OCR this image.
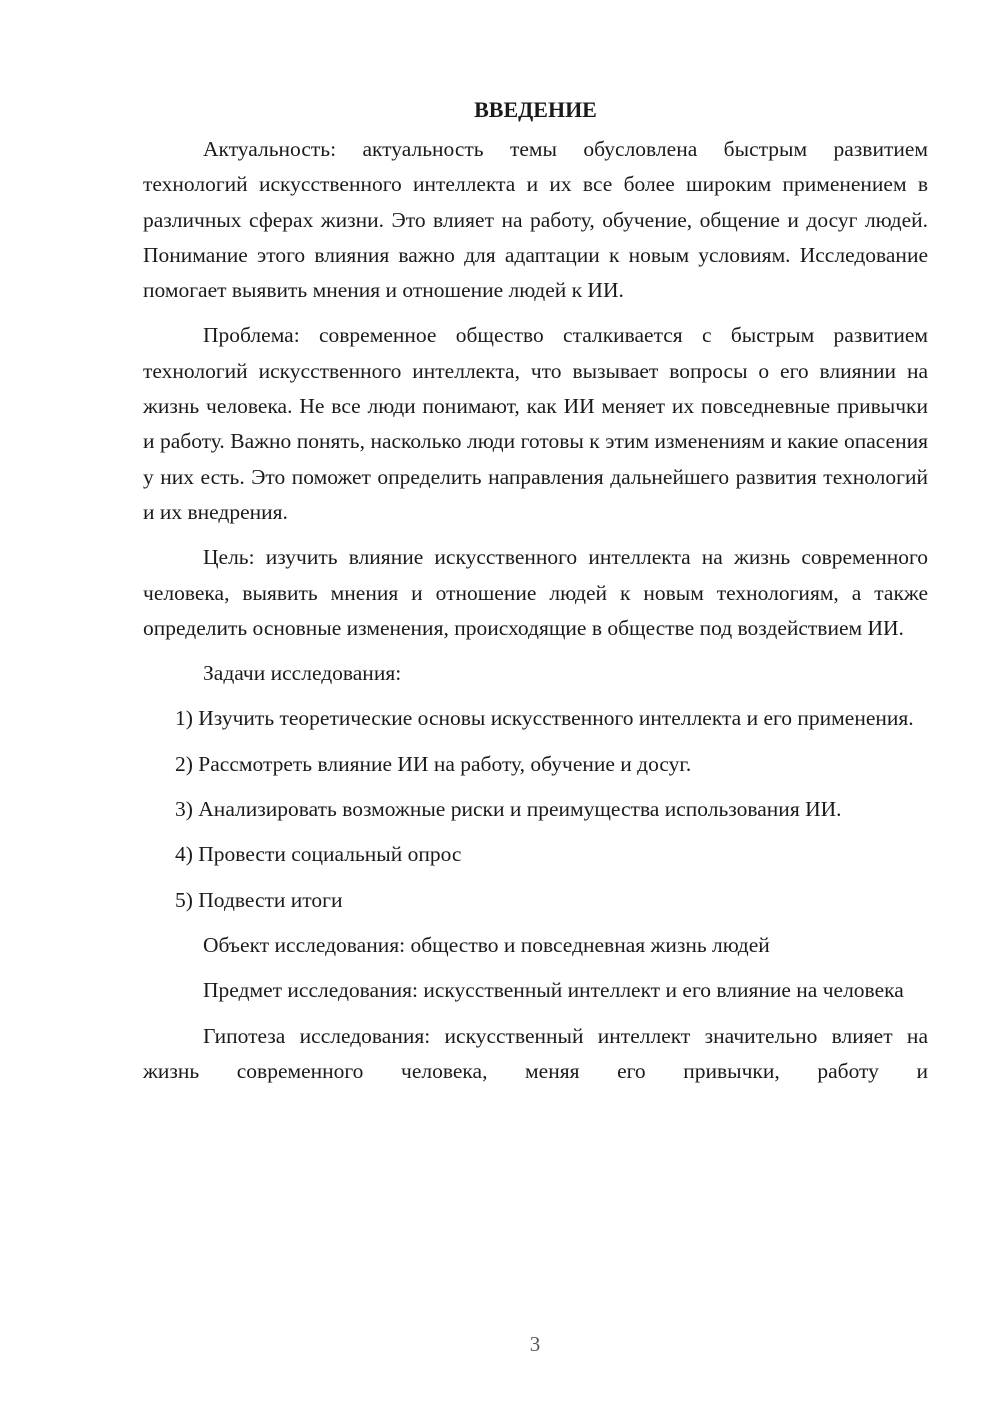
ВВЕДЕНИЕ

Актуальность: актуальность темы обусловлена быстрым развитием технологий искусственного интеллекта и их все более широким применением в различных сферах жизни. Это влияет на работу, обучение, общение и досуг людей. Понимание этого влияния важно для адаптации к новым условиям. Исследование помогает выявить мнения и отношение людей к ИИ.

Проблема: современное общество сталкивается с быстрым развитием технологий искусственного интеллекта, что вызывает вопросы о его влиянии на жизнь человека. Не все люди понимают, как ИИ меняет их повседневные привычки и работу. Важно понять, насколько люди готовы к этим изменениям и какие опасения у них есть. Это поможет определить направления дальнейшего развития технологий и их внедрения.

Цель: изучить влияние искусственного интеллекта на жизнь современного человека, выявить мнения и отношение людей к новым технологиям, а также определить основные изменения, происходящие в обществе под воздействием ИИ.

Задачи исследования:

1) Изучить теоретические основы искусственного интеллекта и его применения.

2) Рассмотреть влияние ИИ на работу, обучение и досуг.

3) Анализировать возможные риски и преимущества использования ИИ.

4) Провести социальный опрос

5) Подвести итоги

Объект исследования: общество и повседневная жизнь людей

Предмет исследования: искусственный интеллект и его влияние на человека

Гипотеза исследования: искусственный интеллект значительно влияет на жизнь современного человека, меняя его привычки, работу и

3
